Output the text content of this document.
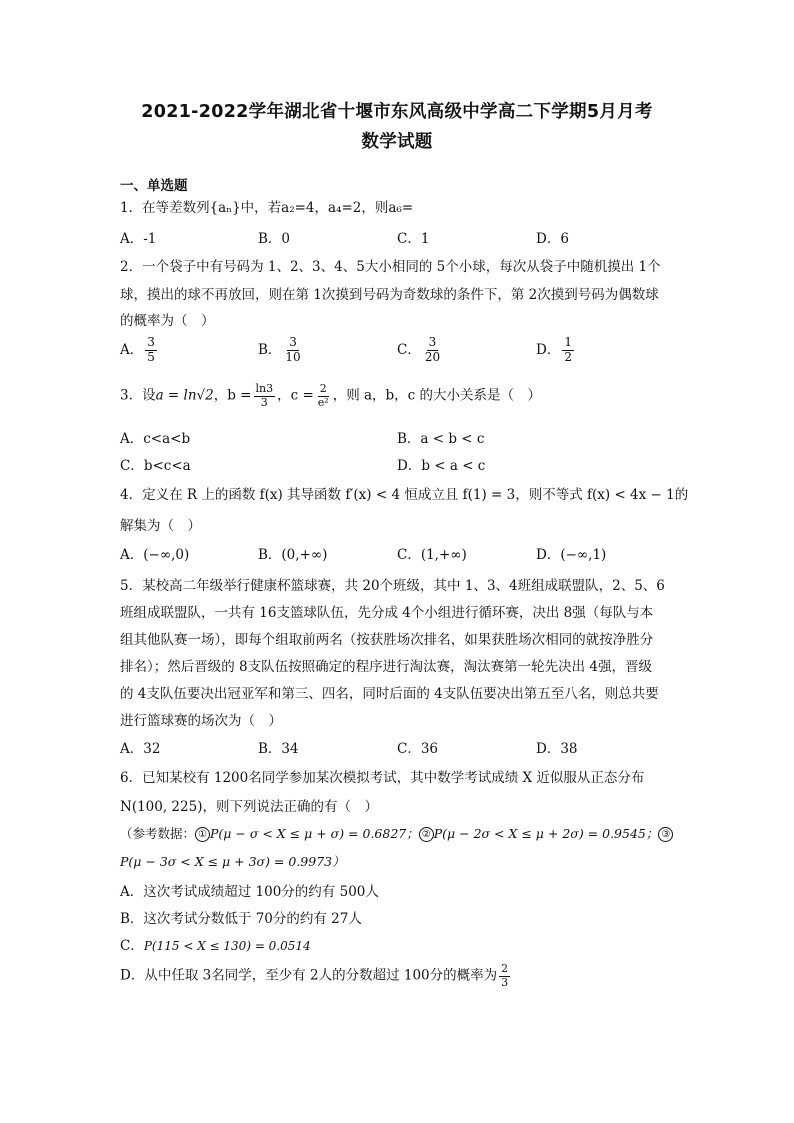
2021-2022学年湖北省十堰市东风高级中学高二下学期5月月考
数学试题
一、单选题
1．在等差数列{aₙ}中，若a₂=4，a₄=2，则a₆=
A．-1	B．0	C．1	D．6
2．一个袋子中有号码为 1、2、3、4、5大小相同的 5个小球，每次从袋子中随机摸出 1个
球，摸出的球不再放回，则在第 1次摸到号码为奇数球的条件下，第 2次摸到号码为偶数球
的概率为（　）
A． $\frac{3}{5}$	B． $\frac{3}{10}$	C． $\frac{3}{20}$	D． $\frac{1}{2}$
3．设a = ln√2，$b = \frac{\ln 3}{3}$ ，$c = \frac{2}{\text{e²}}$ ，则 a，b，c 的大小关系是（　）
A．c<a<b	B．a < b < c
C．b<c<a	D．b < a < c
4．定义在 R 上的函数 f(x) 其导函数 f′(x) < 4 恒成立且 f(1) = 3，则不等式 f(x) < 4x − 1的
解集为（　）
A．(−∞,0)	B．(0,+∞)	C．(1,+∞)	D．(−∞,1)
5．某校高二年级举行健康杯篮球赛，共 20个班级，其中 1、3、4班组成联盟队，2、5、6
班组成联盟队，一共有 16支篮球队伍，先分成 4个小组进行循环赛，决出 8强（每队与本
组其他队赛一场），即每个组取前两名（按获胜场次排名，如果获胜场次相同的就按净胜分
排名）；然后晋级的 8支队伍按照确定的程序进行淘汰赛，淘汰赛第一轮先决出 4强，晋级
的 4支队伍要决出冠亚军和第三、四名，同时后面的 4支队伍要决出第五至八名，则总共要
进行篮球赛的场次为（　）
A．32	B．34	C．36	D．38
6．已知某校有 1200名同学参加某次模拟考试，其中数学考试成绩 X 近似服从正态分布
N(100, 225)，则下列说法正确的有（　）
（参考数据： ① P(μ − σ < X ≤ μ + σ) = 0.6827； ② P(μ − 2σ < X ≤ μ + 2σ) = 0.9545； ③
P(μ − 3σ < X ≤ μ + 3σ) = 0.9973）
A．这次考试成绩超过 100分的约有 500人
B．这次考试分数低于 70分的约有 27人
C．P(115 < X ≤ 130) = 0.0514
D．从中任取 3名同学，至少有 2人的分数超过 100分的概率为 $\frac{2}{3}$
